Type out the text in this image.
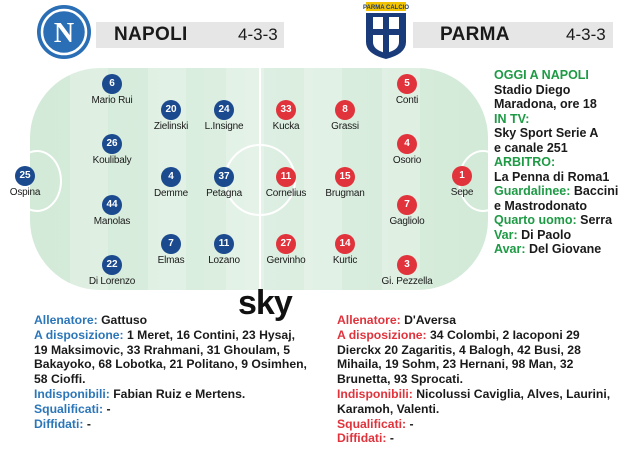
N NAPOLI	4-3-3
PARMA CALCIO
PARMA	4-3-3
25
Ospina
6
Mario Rui
26
Koulibaly
44
Manolas
22
Di Lorenzo
20
Zielinski
4
Demme
7
Elmas
24
L.Insigne
37
Petagna
11
Lozano
1
Sepe
5
Conti
4
Osorio
7
Gagliolo
3
Gi. Pezzella
8
Grassi
15
Brugman
14
Kurtic
33
Kucka
11
Cornelius
27
Gervinho
sky
OGGI A NAPOLI
Stadio Diego
Maradona, ore 18
IN TV:
Sky Sport Serie A
e canale 251
ARBITRO:
La Penna di Roma1
Guardalinee: Baccini
e Mastrodonato
Quarto uomo: Serra
Var: Di Paolo
Avar: Del Giovane
Allenatore: Gattuso
A disposizione: 1 Meret, 16 Contini, 23 Hysaj,
19 Maksimovic, 33 Rrahmani, 31 Ghoulam, 5
Bakayoko, 68 Lobotka, 21 Politano, 9 Osimhen,
58 Cioffi.
Indisponibili: Fabian Ruiz e Mertens.
Squalificati: -
Diffidati: -
Allenatore: D'Aversa
A disposizione: 34 Colombi, 2 Iacoponi 29
Dierckx 20 Zagaritis, 4 Balogh, 42 Busi, 28
Mihaila, 19 Sohm, 23 Hernani, 98 Man, 32
Brunetta, 93 Sprocati.
Indisponibili: Nicolussi Caviglia, Alves, Laurini,
Karamoh, Valenti.
Squalificati: -
Diffidati: -
